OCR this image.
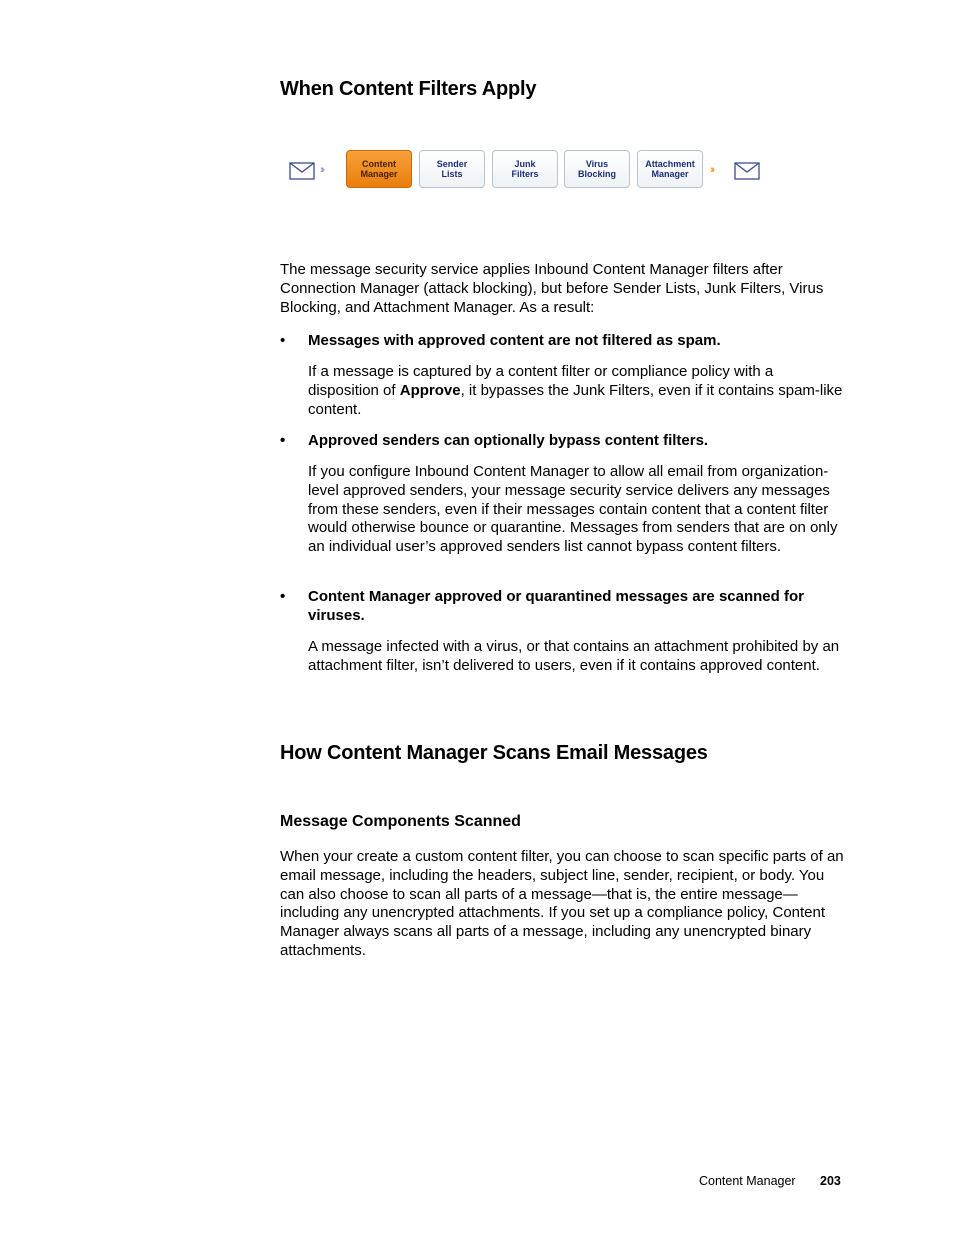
When Content Filters Apply
›››	Content
Manager
Sender
Lists
Junk
Filters
Virus
Blocking
Attachment
Manager	›››

The message security service applies Inbound Content Manager filters after Connection Manager (attack blocking), but before Sender Lists, Junk Filters, Virus Blocking, and Attachment Manager. As a result:

• Messages with approved content are not filtered as spam.

If a message is captured by a content filter or compliance policy with a disposition of Approve, it bypasses the Junk Filters, even if it contains spam-like content.

• Approved senders can optionally bypass content filters.

If you configure Inbound Content Manager to allow all email from organization-level approved senders, your message security service delivers any messages from these senders, even if their messages contain content that a content filter would otherwise bounce or quarantine. Messages from senders that are on only an individual user’s approved senders list cannot bypass content filters.

• Content Manager approved or quarantined messages are scanned for viruses.

A message infected with a virus, or that contains an attachment prohibited by an attachment filter, isn’t delivered to users, even if it contains approved content.

How Content Manager Scans Email Messages
Message Components Scanned

When your create a custom content filter, you can choose to scan specific parts of an email message, including the headers, subject line, sender, recipient, or body. You can also choose to scan all parts of a message—that is, the entire message—including any unencrypted attachments. If you set up a compliance policy, Content Manager always scans all parts of a message, including any unencrypted binary attachments.

Content Manager 203
